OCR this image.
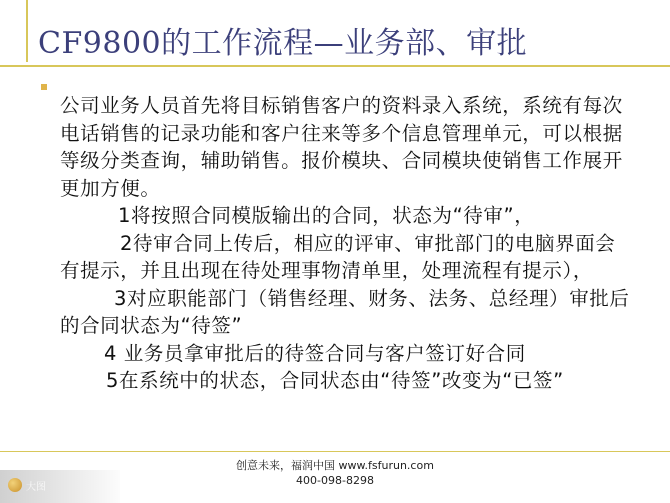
CF9800的工作流程—业务部、审批

公司业务人员首先将目标销售客户的资料录入系统，系统有每次电话销售的记录功能和客户往来等多个信息管理单元，可以根据等级分类查询，辅助销售。报价模块、合同模块使销售工作展开更加方便。

1将按照合同模版输出的合同，状态为“待审”，

2待审合同上传后，相应的评审、审批部门的电脑界面会有提示，并且出现在待处理事物清单里，处理流程有提示），

3对应职能部门（销售经理、财务、法务、总经理）审批后的合同状态为“待签”

4 业务员拿审批后的待签合同与客户签订好合同

5在系统中的状态，合同状态由“待签”改变为“已签”

创意未来，福润中国 www.fsfurun.com
400-098-8298
大图
